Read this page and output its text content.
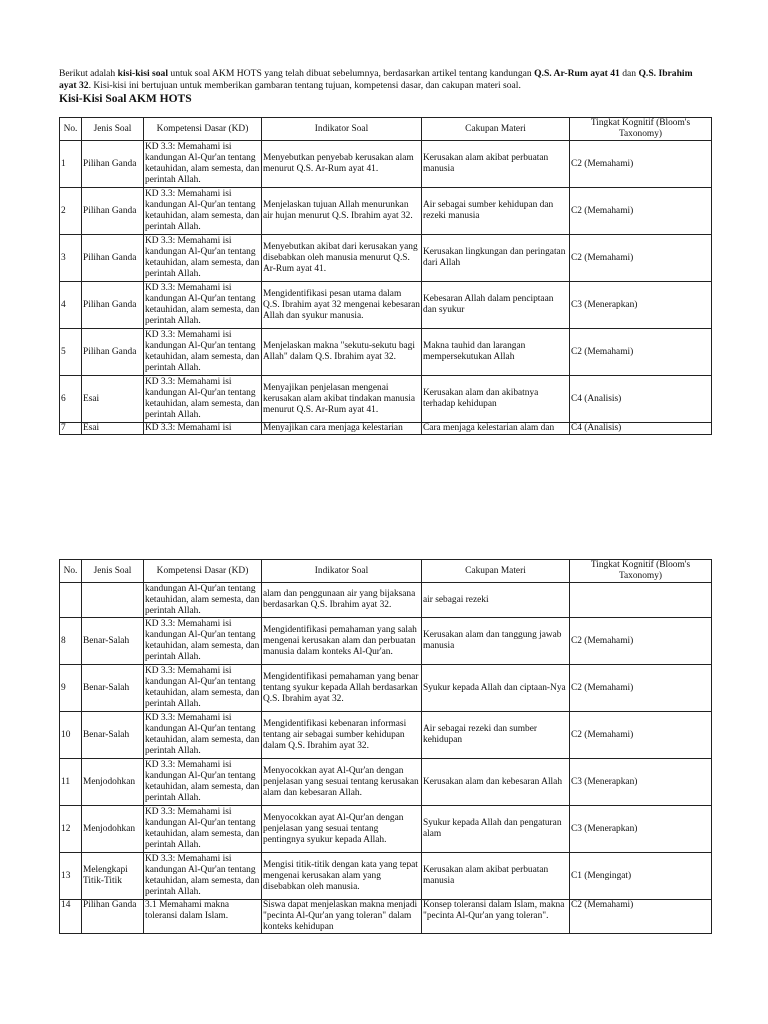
Berikut adalah kisi-kisi soal untuk soal AKM HOTS yang telah dibuat sebelumnya, berdasarkan artikel tentang kandungan Q.S. Ar-Rum ayat 41 dan Q.S. Ibrahim ayat 32. Kisi-kisi ini bertujuan untuk memberikan gambaran tentang tujuan, kompetensi dasar, dan cakupan materi soal.

Kisi-Kisi Soal AKM HOTS
No.	Jenis Soal	Kompetensi Dasar (KD)	Indikator Soal	Cakupan Materi	Tingkat Kognitif (Bloom's Taxonomy)
1	Pilihan Ganda	KD 3.3: Memahami isi kandungan Al-Qur'an tentang ketauhidan, alam semesta, dan perintah Allah.	Menyebutkan penyebab kerusakan alam menurut Q.S. Ar-Rum ayat 41.	Kerusakan alam akibat perbuatan manusia	C2 (Memahami)
2	Pilihan Ganda	KD 3.3: Memahami isi kandungan Al-Qur'an tentang ketauhidan, alam semesta, dan perintah Allah.	Menjelaskan tujuan Allah menurunkan air hujan menurut Q.S. Ibrahim ayat 32.	Air sebagai sumber kehidupan dan rezeki manusia	C2 (Memahami)
3	Pilihan Ganda	KD 3.3: Memahami isi kandungan Al-Qur'an tentang ketauhidan, alam semesta, dan perintah Allah.	Menyebutkan akibat dari kerusakan yang disebabkan oleh manusia menurut Q.S. Ar-Rum ayat 41.	Kerusakan lingkungan dan peringatan dari Allah	C2 (Memahami)
4	Pilihan Ganda	KD 3.3: Memahami isi kandungan Al-Qur'an tentang ketauhidan, alam semesta, dan perintah Allah.	Mengidentifikasi pesan utama dalam Q.S. Ibrahim ayat 32 mengenai kebesaran Allah dan syukur manusia.	Kebesaran Allah dalam penciptaan dan syukur	C3 (Menerapkan)
5	Pilihan Ganda	KD 3.3: Memahami isi kandungan Al-Qur'an tentang ketauhidan, alam semesta, dan perintah Allah.	Menjelaskan makna "sekutu-sekutu bagi Allah" dalam Q.S. Ibrahim ayat 32.	Makna tauhid dan larangan mempersekutukan Allah	C2 (Memahami)
6	Esai	KD 3.3: Memahami isi kandungan Al-Qur'an tentang ketauhidan, alam semesta, dan perintah Allah.	Menyajikan penjelasan mengenai kerusakan alam akibat tindakan manusia menurut Q.S. Ar-Rum ayat 41.	Kerusakan alam dan akibatnya terhadap kehidupan	C4 (Analisis)
7	Esai	KD 3.3: Memahami isi	Menyajikan cara menjaga kelestarian	Cara menjaga kelestarian alam dan	C4 (Analisis)
No.	Jenis Soal	Kompetensi Dasar (KD)	Indikator Soal	Cakupan Materi	Tingkat Kognitif (Bloom's Taxonomy)
		kandungan Al-Qur'an tentang ketauhidan, alam semesta, dan perintah Allah.	alam dan penggunaan air yang bijaksana berdasarkan Q.S. Ibrahim ayat 32.	air sebagai rezeki	
8	Benar-Salah	KD 3.3: Memahami isi kandungan Al-Qur'an tentang ketauhidan, alam semesta, dan perintah Allah.	Mengidentifikasi pemahaman yang salah mengenai kerusakan alam dan perbuatan manusia dalam konteks Al-Qur'an.	Kerusakan alam dan tanggung jawab manusia	C2 (Memahami)
9	Benar-Salah	KD 3.3: Memahami isi kandungan Al-Qur'an tentang ketauhidan, alam semesta, dan perintah Allah.	Mengidentifikasi pemahaman yang benar tentang syukur kepada Allah berdasarkan Q.S. Ibrahim ayat 32.	Syukur kepada Allah dan ciptaan-Nya	C2 (Memahami)
10	Benar-Salah	KD 3.3: Memahami isi kandungan Al-Qur'an tentang ketauhidan, alam semesta, dan perintah Allah.	Mengidentifikasi kebenaran informasi tentang air sebagai sumber kehidupan dalam Q.S. Ibrahim ayat 32.	Air sebagai rezeki dan sumber kehidupan	C2 (Memahami)
11	Menjodohkan	KD 3.3: Memahami isi kandungan Al-Qur'an tentang ketauhidan, alam semesta, dan perintah Allah.	Menyocokkan ayat Al-Qur'an dengan penjelasan yang sesuai tentang kerusakan alam dan kebesaran Allah.	Kerusakan alam dan kebesaran Allah	C3 (Menerapkan)
12	Menjodohkan	KD 3.3: Memahami isi kandungan Al-Qur'an tentang ketauhidan, alam semesta, dan perintah Allah.	Menyocokkan ayat Al-Qur'an dengan penjelasan yang sesuai tentang pentingnya syukur kepada Allah.	Syukur kepada Allah dan pengaturan alam	C3 (Menerapkan)
13	Melengkapi Titik-Titik	KD 3.3: Memahami isi kandungan Al-Qur'an tentang ketauhidan, alam semesta, dan perintah Allah.	Mengisi titik-titik dengan kata yang tepat mengenai kerusakan alam yang disebabkan oleh manusia.	Kerusakan alam akibat perbuatan manusia	C1 (Mengingat)
14	Pilihan Ganda	3.1 Memahami makna toleransi dalam Islam.	Siswa dapat menjelaskan makna menjadi "pecinta Al-Qur'an yang toleran" dalam konteks kehidupan	Konsep toleransi dalam Islam, makna "pecinta Al-Qur'an yang toleran".	C2 (Memahami)
